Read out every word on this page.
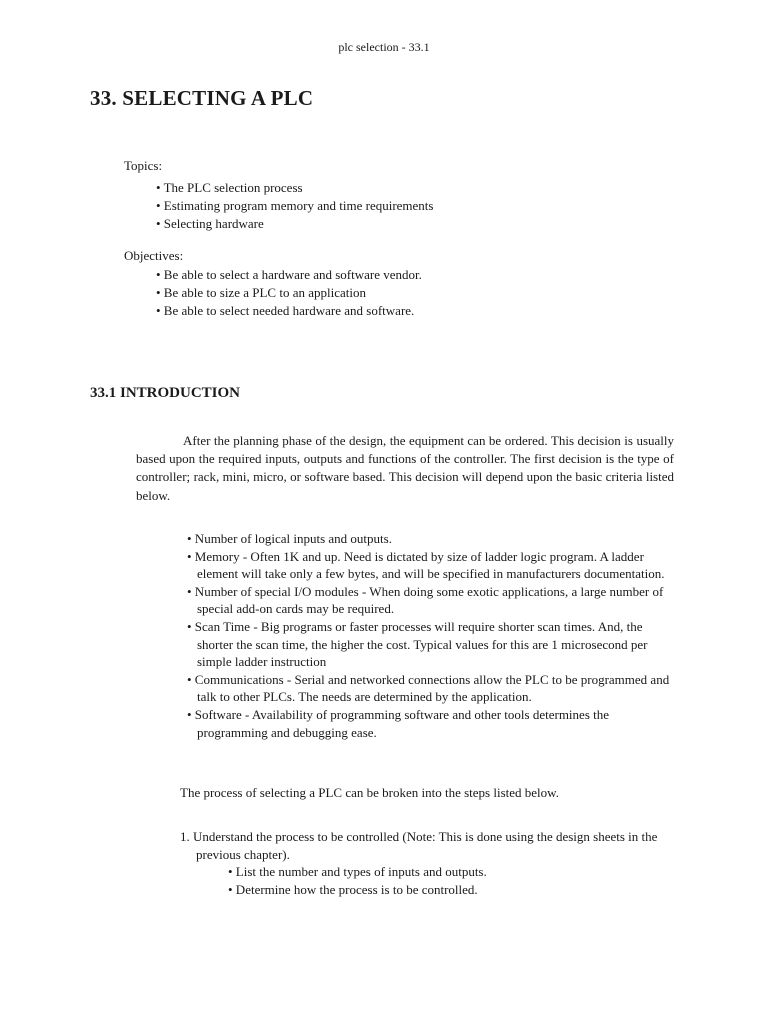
plc selection - 33.1
33. SELECTING A PLC
Topics:
• The PLC selection process
• Estimating program memory and time requirements
• Selecting hardware
Objectives:
• Be able to select a hardware and software vendor.
• Be able to size a PLC to an application
• Be able to select needed hardware and software.
33.1 INTRODUCTION

After the planning phase of the design, the equipment can be ordered. This decision is usually based upon the required inputs, outputs and functions of the controller. The first decision is the type of controller; rack, mini, micro, or software based. This decision will depend upon the basic criteria listed below.

• Number of logical inputs and outputs.
• Memory - Often 1K and up. Need is dictated by size of ladder logic program. A ladder element will take only a few bytes, and will be specified in manufacturers documentation.
• Number of special I/O modules - When doing some exotic applications, a large number of special add-on cards may be required.
• Scan Time - Big programs or faster processes will require shorter scan times. And, the shorter the scan time, the higher the cost. Typical values for this are 1 microsecond per simple ladder instruction
• Communications - Serial and networked connections allow the PLC to be programmed and talk to other PLCs. The needs are determined by the application.
• Software - Availability of programming software and other tools determines the programming and debugging ease.

The process of selecting a PLC can be broken into the steps listed below.

1. Understand the process to be controlled (Note: This is done using the design sheets in the previous chapter).
• List the number and types of inputs and outputs.
• Determine how the process is to be controlled.
